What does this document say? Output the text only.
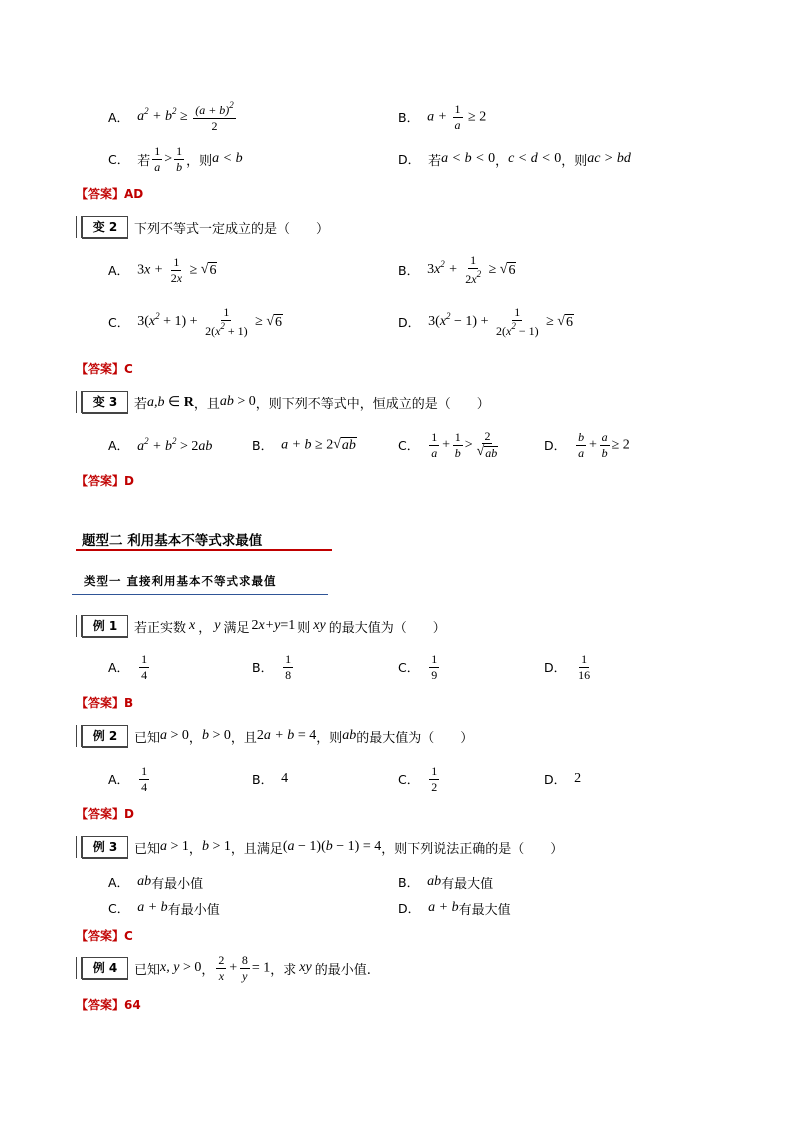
A． $a^2 + b^2 \ge \frac{(a + b)^2}{2}$	B． $a + \frac{1}{a} \ge 2$
C． 若 $\frac{1}{a} > \frac{1}{b}$ ，则 a < b	D． 若 a < b < 0 ， c < d < 0 ，则 ac > bd
【答案】AD
变 2	下列不等式一定成立的是（　　）
A． $3x + \frac{1}{2x}$ ≥ √ 6	B． $3x^2 + \frac{1}{2x^2}$ ≥ √ 6
C． $3(x^2 + 1) + \frac{1}{2(x^2 + 1)}$ ≥ √ 6	D． $3(x^2 - 1) + \frac{1}{2(x^2 - 1)}$ ≥ √ 6
【答案】C
变 3	若 a,b ∈ R ，且 ab > 0 ，则下列不等式中，恒成立的是（　　）
A． $a^2 + b^2 > 2ab$	B． a + b ≥ 2 √ ab	C． $\frac{1}{a} + \frac{1}{b} > \frac{2}{√ ab}$	D． $\frac{b}{a} + \frac{a}{b} \ge 2$
【答案】D
题型二 利用基本不等式求最值
类型一 直接利用基本不等式求最值
例 1	若正实数 x ， y 满足 2x+y=1 则 xy 的最大值为（　　）
A． $\frac{1}{4}$	B． $\frac{1}{8}$	C． $\frac{1}{9}$	D． $\frac{1}{16}$
【答案】B
例 2	已知 a > 0 ， b > 0 ，且 2a + b = 4 ，则 ab 的最大值为（　　）
A． $\frac{1}{4}$	B． 4	C． $\frac{1}{2}$	D． 2
【答案】D
例 3	已知 a > 1 ， b > 1 ，且满足 (a − 1)(b − 1) = 4 ，则下列说法正确的是（　　）
A． ab 有最小值	B． ab 有最大值
C． a + b 有最小值	D． a + b 有最大值
【答案】C
例 4	已知 x, y > 0 ， $\frac{2}{x} + \frac{8}{y} = 1$ ，求 xy 的最小值.
【答案】64
